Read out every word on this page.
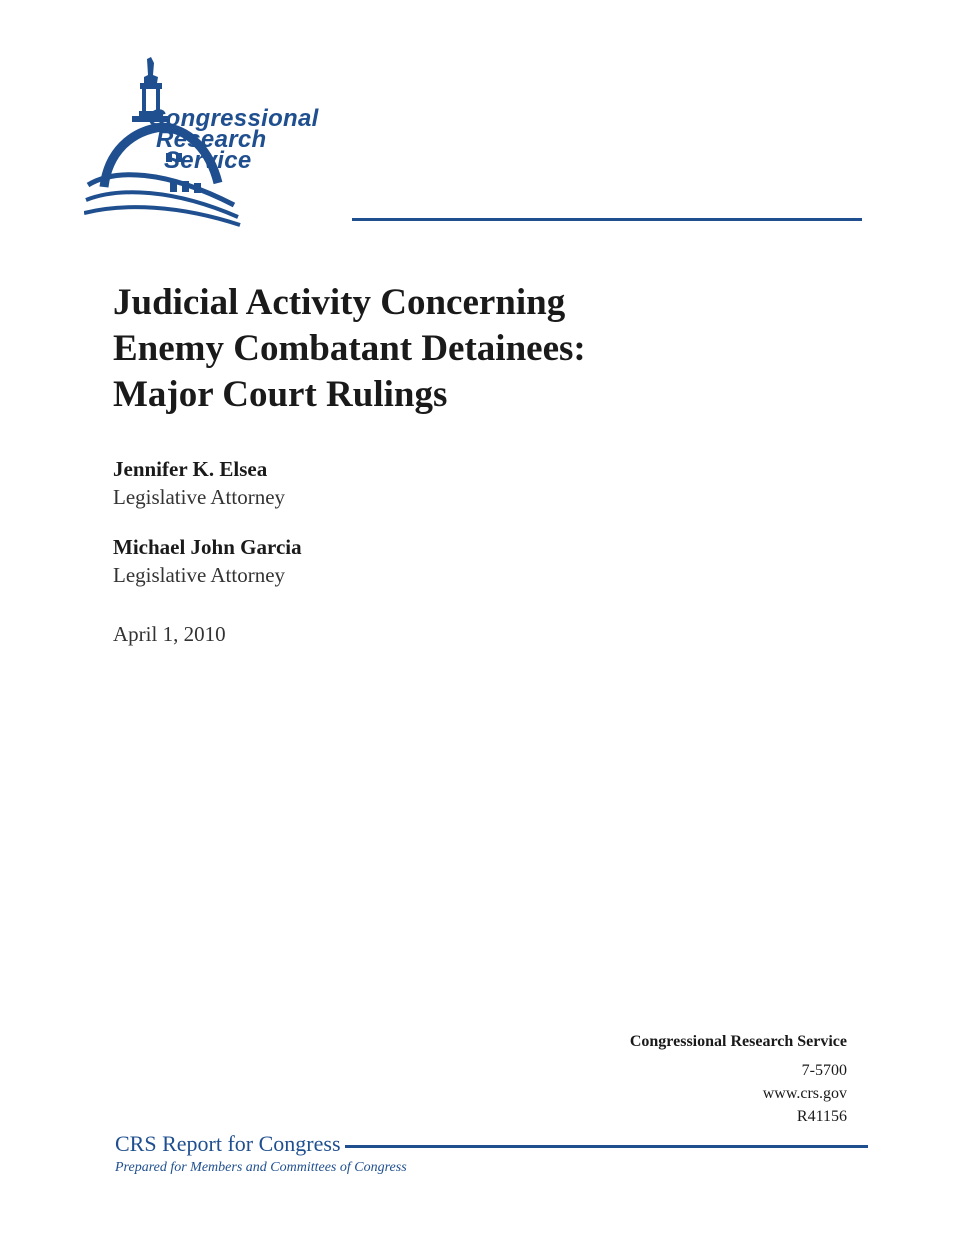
Congressional
Research
Service
Judicial Activity Concerning
Enemy Combatant Detainees:
Major Court Rulings
Jennifer K. Elsea
Legislative Attorney
Michael John Garcia
Legislative Attorney
April 1, 2010
Congressional Research Service
7-5700
www.crs.gov
R41156
CRS Report for Congress
Prepared for Members and Committees of Congress
